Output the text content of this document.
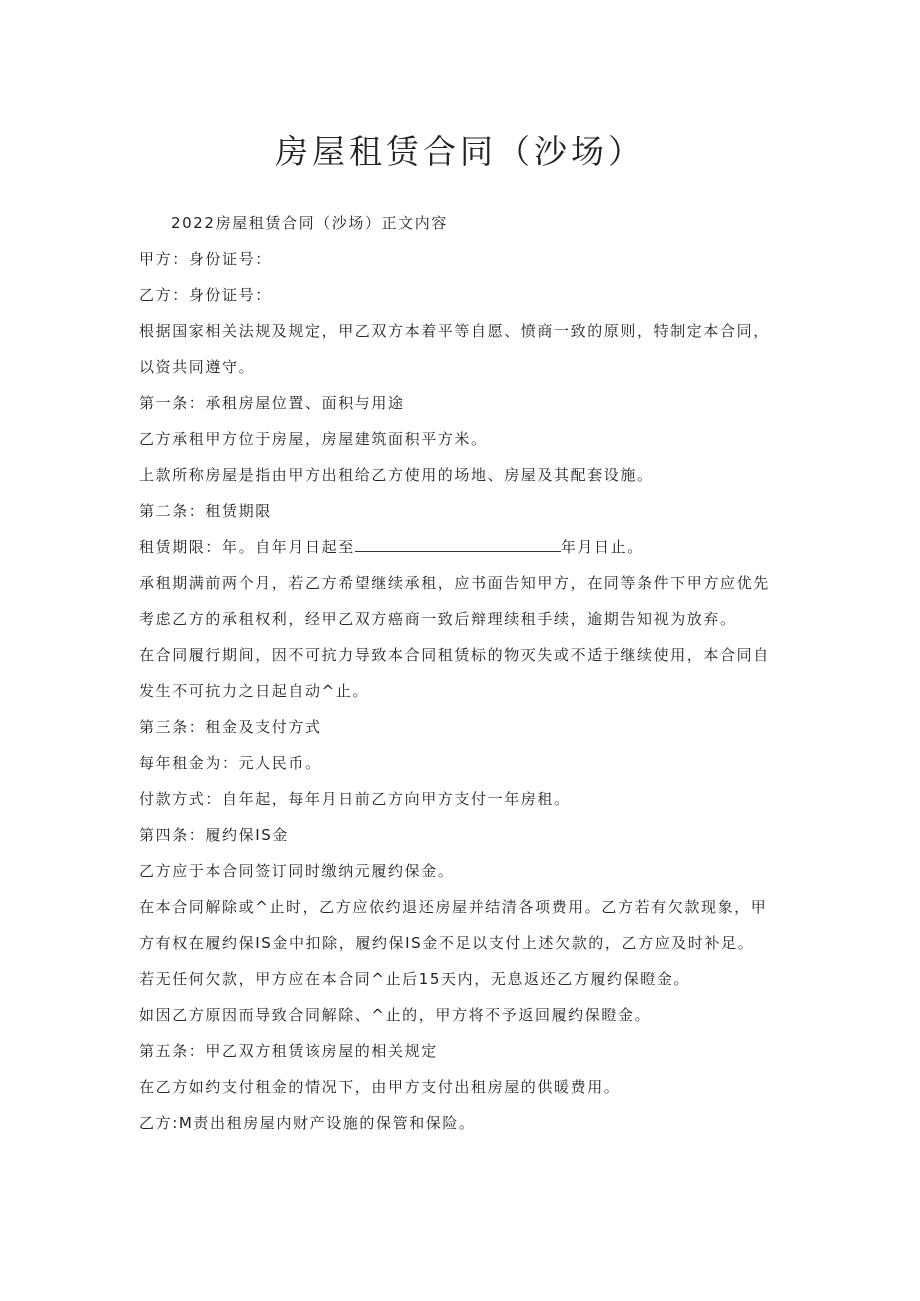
房屋租赁合同（沙场）
2022房屋租赁合同（沙场）正文内容
甲方：身份证号：
乙方：身份证号：
根据国家相关法规及规定，甲乙双方本着平等自愿、愤商一致的原则，特制定本合同，
以资共同遵守。
第一条：承租房屋位置、面积与用途
乙方承租甲方位于房屋，房屋建筑面积平方米。
上款所称房屋是指由甲方出租给乙方使用的场地、房屋及其配套设施。
第二条：租赁期限
租赁期限：年。自年月日起至	年月日止。
承租期满前两个月，若乙方希望继续承租，应书面告知甲方，在同等条件下甲方应优先
考虑乙方的承租权利，经甲乙双方癌商一致后辩理续租手续，逾期告知视为放弃。
在合同履行期间，因不可抗力导致本合同租赁标的物灭失或不适于继续使用，本合同自
发生不可抗力之日起自动^止。
第三条：租金及支付方式
每年租金为：元人民币。
付款方式：自年起，每年月日前乙方向甲方支付一年房租。
第四条：履约保IS金
乙方应于本合同签订同时缴纳元履约保金。
在本合同解除或^止时，乙方应依约退还房屋并结清各项费用。乙方若有欠款现象，甲
方有权在履约保IS金中扣除，履约保IS金不足以支付上述欠款的，乙方应及时补足。
若无任何欠款，甲方应在本合同^止后15天内，无息返还乙方履约保瞪金。
如因乙方原因而导致合同解除、^止的，甲方将不予返回履约保瞪金。
第五条：甲乙双方租赁该房屋的相关规定
在乙方如约支付租金的情况下，由甲方支付出租房屋的供暖费用。
乙方:M责出租房屋内财产设施的保管和保险。
